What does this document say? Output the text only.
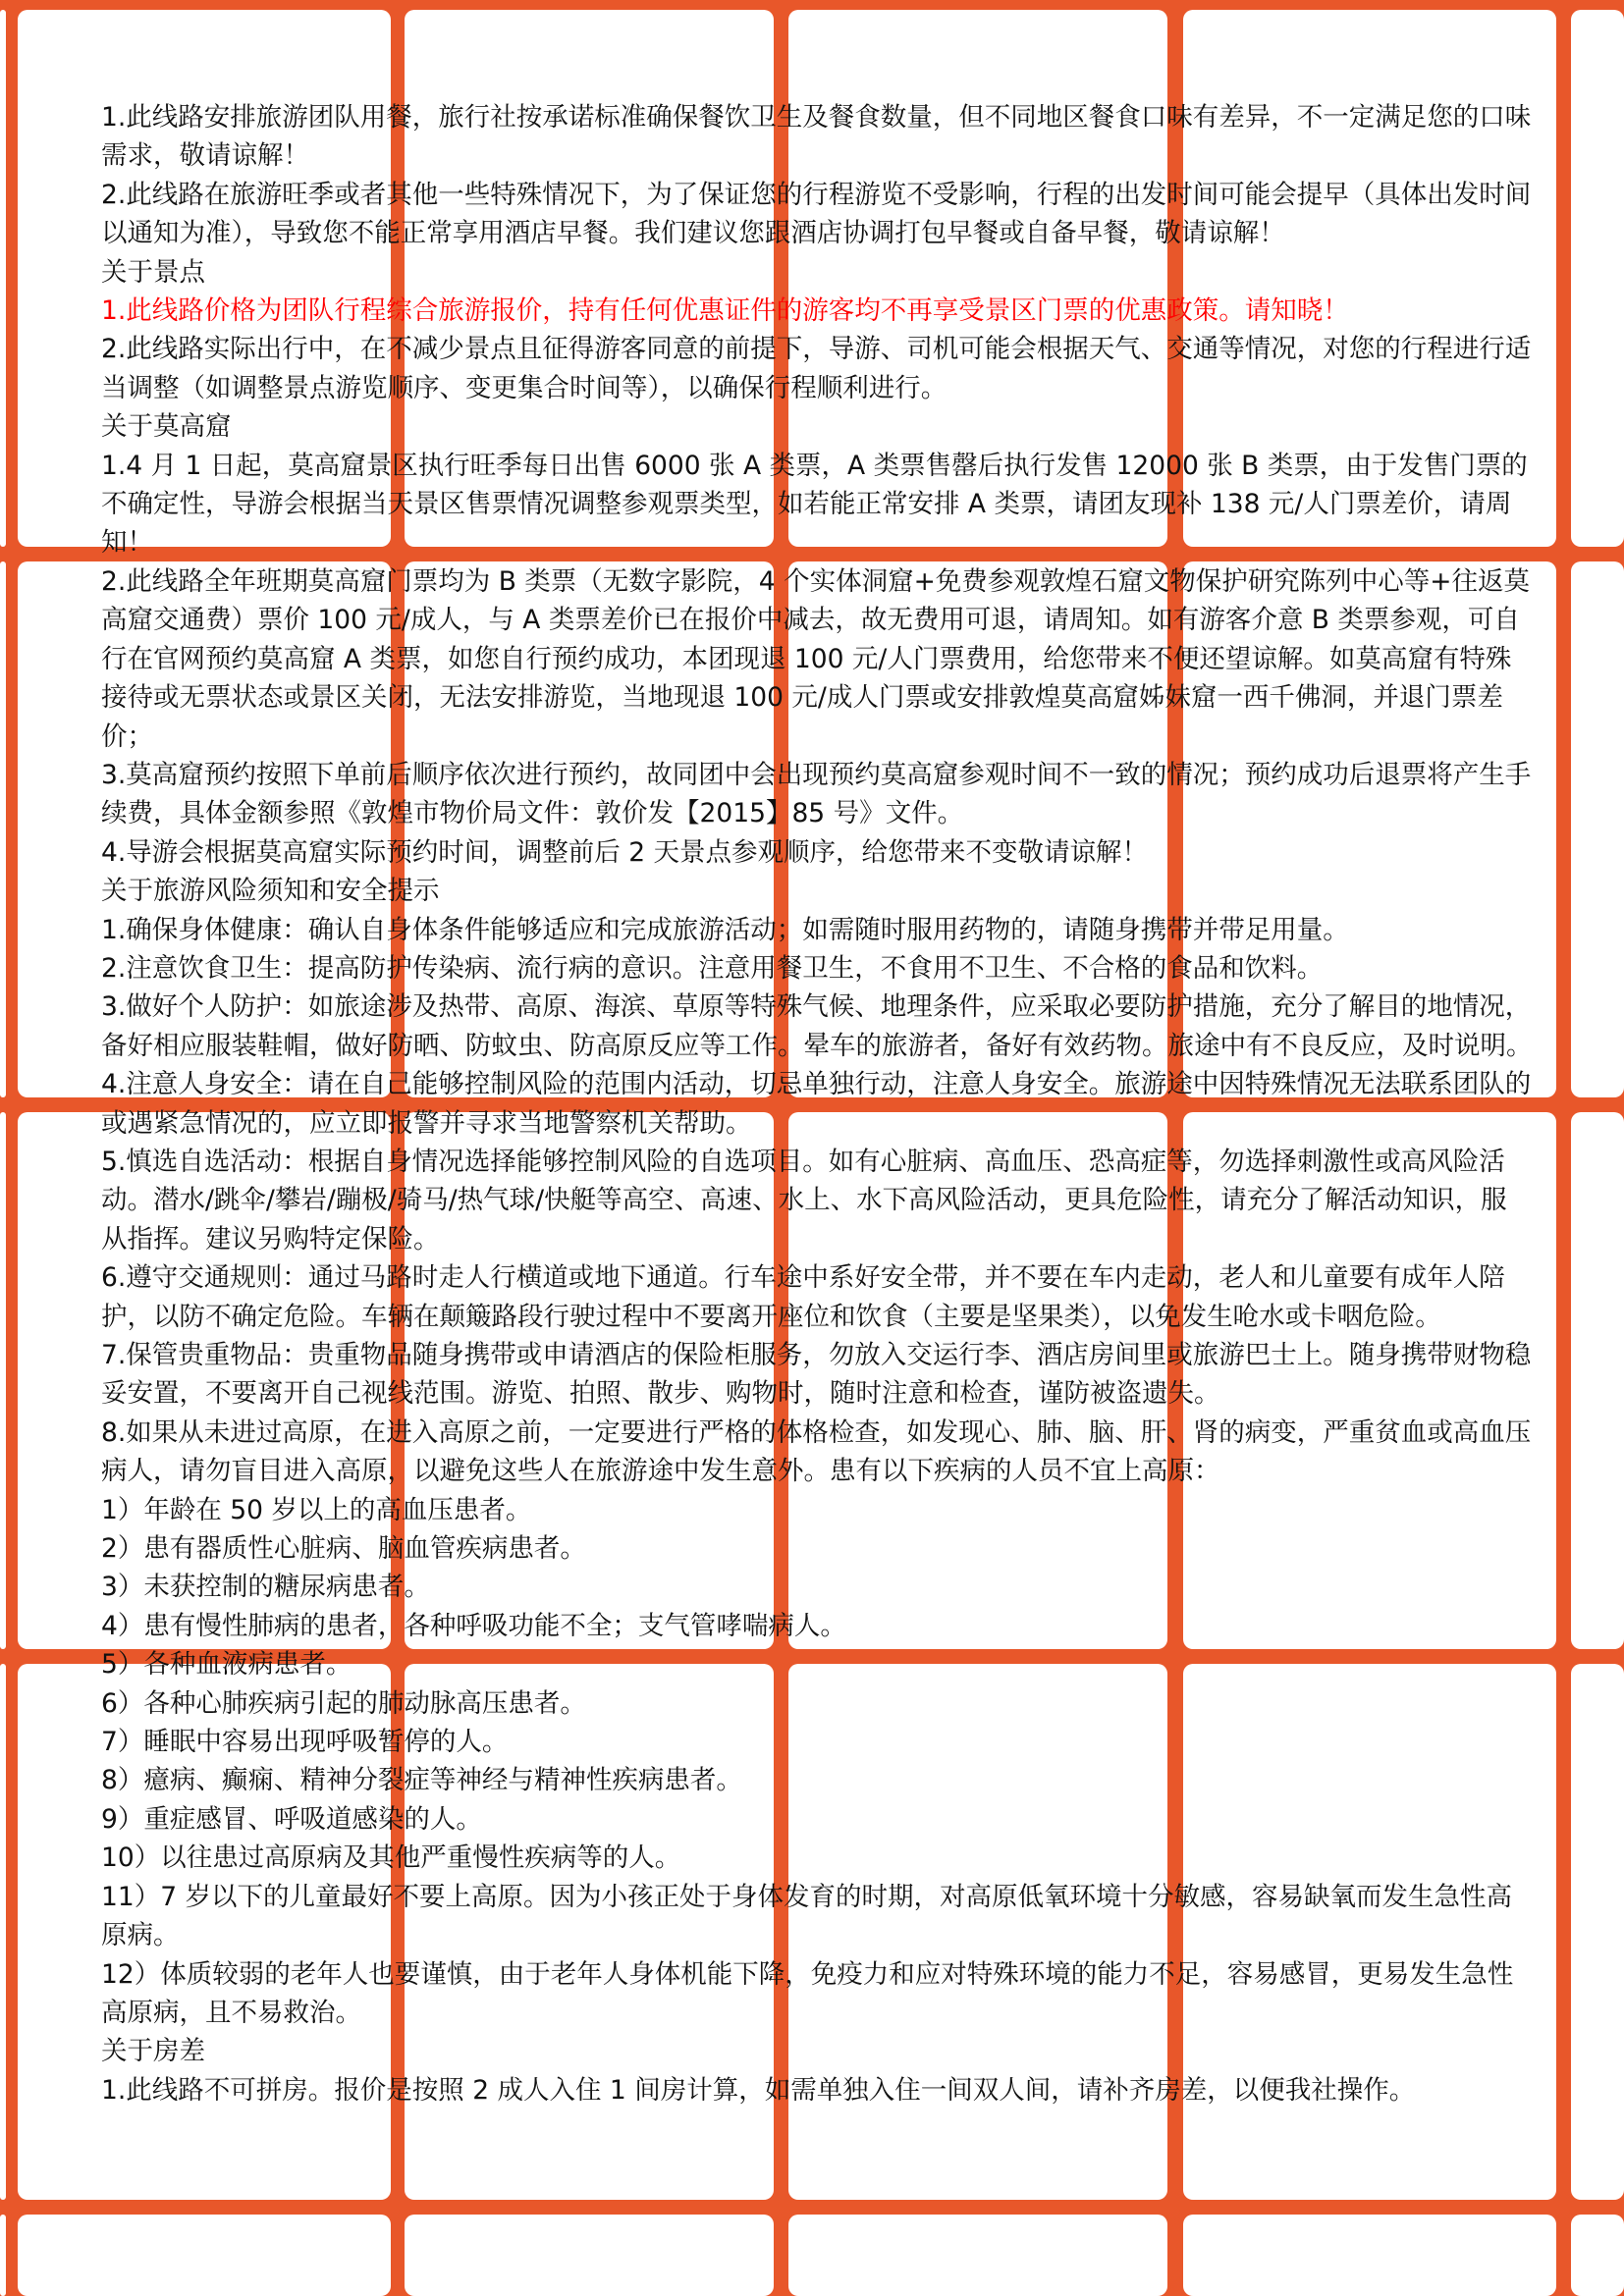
1.此线路安排旅游团队用餐，旅行社按承诺标准确保餐饮卫生及餐食数量，但不同地区餐食口味有差异，不一定满足您的口味需求，敬请谅解！

2.此线路在旅游旺季或者其他一些特殊情况下，为了保证您的行程游览不受影响，行程的出发时间可能会提早（具体出发时间以通知为准），导致您不能正常享用酒店早餐。我们建议您跟酒店协调打包早餐或自备早餐，敬请谅解！

关于景点

1.此线路价格为团队行程综合旅游报价，持有任何优惠证件的游客均不再享受景区门票的优惠政策。请知晓！

2.此线路实际出行中，在不减少景点且征得游客同意的前提下，导游、司机可能会根据天气、交通等情况，对您的行程进行适当调整（如调整景点游览顺序、变更集合时间等），以确保行程顺利进行。

关于莫高窟

1.4 月 1 日起，莫高窟景区执行旺季每日出售 6000 张 A 类票，A 类票售罄后执行发售 12000 张 B 类票，由于发售门票的不确定性，导游会根据当天景区售票情况调整参观票类型，如若能正常安排 A 类票，请团友现补 138 元/人门票差价，请周知！

2.此线路全年班期莫高窟门票均为 B 类票（无数字影院，4 个实体洞窟+免费参观敦煌石窟文物保护研究陈列中心等+往返莫高窟交通费）票价 100 元/成人，与 A 类票差价已在报价中减去，故无费用可退，请周知。如有游客介意 B 类票参观，可自行在官网预约莫高窟 A 类票，如您自行预约成功，本团现退 100 元/人门票费用，给您带来不便还望谅解。如莫高窟有特殊接待或无票状态或景区关闭，无法安排游览，当地现退 100 元/成人门票或安排敦煌莫高窟姊妹窟一西千佛洞，并退门票差价；

3.莫高窟预约按照下单前后顺序依次进行预约，故同团中会出现预约莫高窟参观时间不一致的情况；预约成功后退票将产生手续费，具体金额参照《敦煌市物价局文件：敦价发【2015】85 号》文件。

4.导游会根据莫高窟实际预约时间，调整前后 2 天景点参观顺序，给您带来不变敬请谅解！

关于旅游风险须知和安全提示

1.确保身体健康：确认自身体条件能够适应和完成旅游活动；如需随时服用药物的，请随身携带并带足用量。

2.注意饮食卫生：提高防护传染病、流行病的意识。注意用餐卫生，不食用不卫生、不合格的食品和饮料。

3.做好个人防护：如旅途涉及热带、高原、海滨、草原等特殊气候、地理条件，应采取必要防护措施，充分了解目的地情况，备好相应服装鞋帽，做好防晒、防蚊虫、防高原反应等工作。晕车的旅游者，备好有效药物。旅途中有不良反应，及时说明。

4.注意人身安全：请在自己能够控制风险的范围内活动，切忌单独行动，注意人身安全。旅游途中因特殊情况无法联系团队的或遇紧急情况的，应立即报警并寻求当地警察机关帮助。

5.慎选自选活动：根据自身情况选择能够控制风险的自选项目。如有心脏病、高血压、恐高症等，勿选择刺激性或高风险活动。潜水/跳伞/攀岩/蹦极/骑马/热气球/快艇等高空、高速、水上、水下高风险活动，更具危险性，请充分了解活动知识，服从指挥。建议另购特定保险。

6.遵守交通规则：通过马路时走人行横道或地下通道。行车途中系好安全带，并不要在车内走动，老人和儿童要有成年人陪护，以防不确定危险。车辆在颠簸路段行驶过程中不要离开座位和饮食（主要是坚果类），以免发生呛水或卡咽危险。

7.保管贵重物品：贵重物品随身携带或申请酒店的保险柜服务，勿放入交运行李、酒店房间里或旅游巴士上。随身携带财物稳妥安置，不要离开自己视线范围。游览、拍照、散步、购物时，随时注意和检查，谨防被盗遗失。

8.如果从未进过高原，在进入高原之前，一定要进行严格的体格检查，如发现心、肺、脑、肝、肾的病变，严重贫血或高血压病人，请勿盲目进入高原，以避免这些人在旅游途中发生意外。患有以下疾病的人员不宜上高原：

1）年龄在 50 岁以上的高血压患者。

2）患有器质性心脏病、脑血管疾病患者。

3）未获控制的糖尿病患者。

4）患有慢性肺病的患者，各种呼吸功能不全；支气管哮喘病人。

5）各种血液病患者。

6）各种心肺疾病引起的肺动脉高压患者。

7）睡眠中容易出现呼吸暂停的人。

8）癔病、癫痫、精神分裂症等神经与精神性疾病患者。

9）重症感冒、呼吸道感染的人。

10）以往患过高原病及其他严重慢性疾病等的人。

11）7 岁以下的儿童最好不要上高原。因为小孩正处于身体发育的时期，对高原低氧环境十分敏感，容易缺氧而发生急性高原病。

12）体质较弱的老年人也要谨慎，由于老年人身体机能下降，免疫力和应对特殊环境的能力不足，容易感冒，更易发生急性高原病，且不易救治。

关于房差

1.此线路不可拼房。报价是按照 2 成人入住 1 间房计算，如需单独入住一间双人间，请补齐房差，以便我社操作。
